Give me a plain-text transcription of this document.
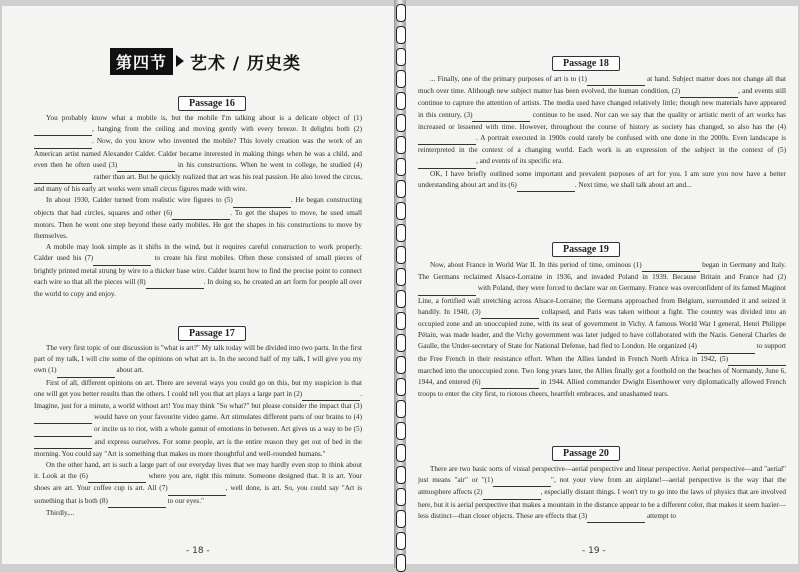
第四节	艺术 / 历史类
Passage 16

You probably know what a mobile is, but the mobile I'm talking about is a delicate object of (1) , hanging from the ceiling and moving gently with every breeze. It delights both (2) . Now, do you know who invented the mobile? This lovely creation was the work of an American artist named Alexander Calder. Calder became interested in making things when he was a child, and even then he often used (3)	in his constructions. When he went to college, he studied (4)  rather than art. But he quickly realized that art was his real passion. He also loved the circus, and many of his early art works were small circus figures made with wire.

In about 1930, Calder turned from realistic wire figures to (5)	. He began constructing objects that had circles, squares and other (6)	. To get the shapes to move, he used small motors. Then he went one step beyond these early mobiles. He got the shapes in his constructions to move by themselves.

A mobile may look simple as it shifts in the wind, but it requires careful construction to work properly. Calder used his (7)	to create his first mobiles. Often these consisted of small pieces of brightly printed metal strung by wire to a thicker base wire. Calder learnt how to find the precise point to connect each wire so that all the pieces will (8)	. In doing so, he created an art form for people all over the world to copy and enjoy.

Passage 17

The very first topic of our discussion is "what is art?" My talk today will be divided into two parts. In the first part of my talk, I will cite some of the opinions on what art is. In the second half of my talk, I will give you my own (1)	about art.

First of all, different opinions on art. There are several ways you could go on this, but my suspicion is that one will get you better results than the others. I could tell you that art plays a large part in (2)	. Imagine, just for a minute, a world without art! You may think "So what?" but please consider the impact that (3)  would have on your favourite video game. Art stimulates different parts of our brains to (4)  or incite us to riot, with a whole gamut of emotions in between. Art gives us a way to be (5)  and express ourselves. For some people, art is the entire reason they get out of bed in the morning. You could say "Art is something that makes us more thoughtful and well-rounded humans."

On the other hand, art is such a large part of our everyday lives that we may hardly even stop to think about it. Look at the (6)	where you are, right this minute. Someone designed that. It is art. Your shoes are art. Your coffee cup is art. All (7)	, well done, is art. So, you could say "Art is something that is both (8)	to our eyes."

Thirdly,...

- 18 -
Passage 18

... Finally, one of the primary purposes of art is to (1)	at hand. Subject matter does not change all that much over time. Although new subject matter has been evolved, the human condition, (2)	, and events still continue to capture the attention of artists. The media used have changed relatively little; though new materials have appeared in this century, (3)	continue to be used. Nor can we say that the quality or artistic merit of art works has increased or lessened with time. However, throughout the course of history as society has changed, so also has the (4) . A portrait executed in 1900s could rarely be confused with one done in the 2000s. Even landscape is reinterpreted in the context of a changing world. Each work is an expression of the subject in the context of (5) , and events of its specific era.

OK, I have briefly outlined some important and prevalent purposes of art for you. I am sure you now have a better understanding about art and its (6)	. Next time, we shall talk about art and...

Passage 19

Now, about France in World War II. In this period of time, ominous (1)	began in Germany and Italy. The Germans reclaimed Alsace-Lorraine in 1936, and invaded Poland in 1939. Because Britain and France had (2)  with Poland, they were forced to declare war on Germany. France was overconfident of its famed Maginot Line, a fortified wall stretching across Alsace-Lorraine; the Germans approached from Belgium, surrounded it and seized it handily. In 1940, (3)	collapsed, and Paris was taken without a fight. The country was divided into an occupied zone and an unoccupied zone, with its seat of government in Vichy. A famous World War I general, Henri Philippe Pétain, was made leader, and the Vichy government was later judged to have collaborated with the Nazis. General Charles de Gaulle, the Under-secretary of State for National Defense, had fled to London. He organized (4)	to support the Free French in their resistance effort. When the Allies landed in French North Africa in 1942, (5)  marched into the unoccupied zone. Two long years later, the Allies finally got a foothold on the beaches of Normandy, June 6, 1944, and entered (6)	in 1944. Allied commander Dwight Eisenhower very diplomatically allowed French troops to enter the city first, to riotous cheers, heartfelt embraces, and unashamed tears.

Passage 20

There are two basic sorts of visual perspective—aerial perspective and linear perspective. Aerial perspective—and "aerial" just means "air" or "(1)	", not your view from an airplane!—aerial perspective is the way that the atmosphere affects (2)	, especially distant things. I won't try to go into the laws of physics that are involved here, but it is aerial perspective that makes a mountain in the distance appear to be a different color, that makes it seem hazier—less distinct—than closer objects. These are effects that (3)	attempt to

- 19 -
